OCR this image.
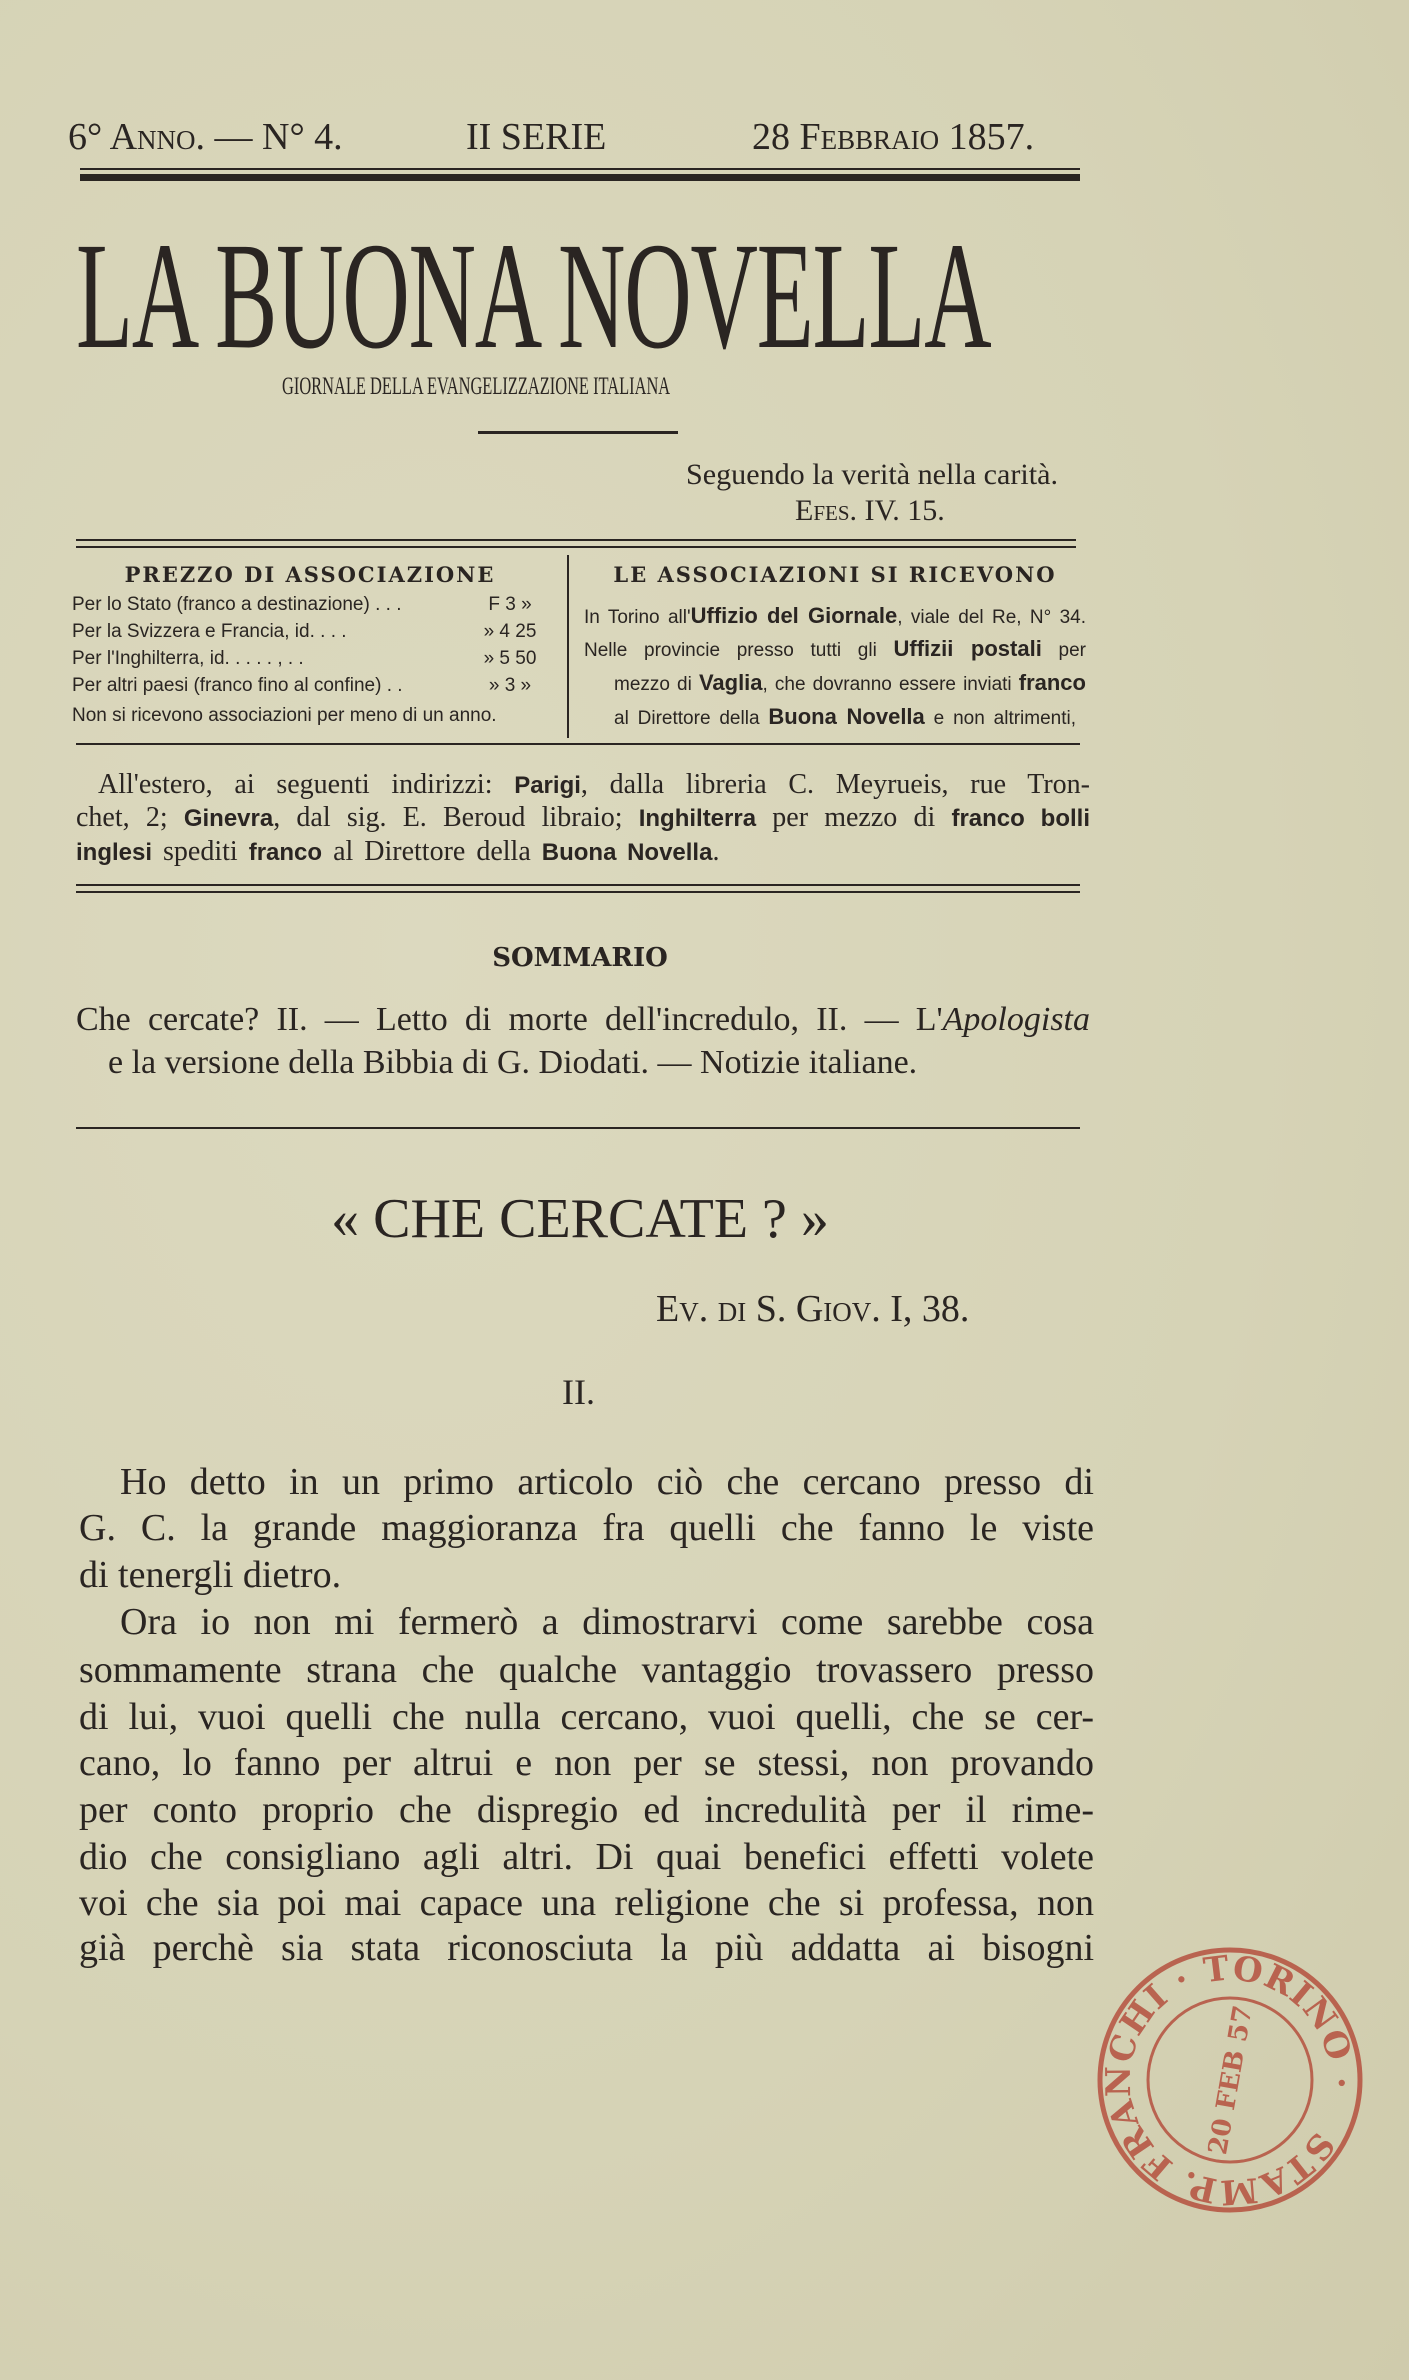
6° Anno. — N° 4.	II SERIE	28 Febbraio 1857.
LA BUONA NOVELLA
GIORNALE DELLA EVANGELIZZAZIONE ITALIANA
Seguendo la verità nella carità.
Efes. IV. 15.
PREZZO DI ASSOCIAZIONE
Per lo Stato (franco a destinazione) . . .	F 3 »
Per la Svizzera e Francia, id. . . .	» 4 25
Per l'Inghilterra, id. . . . . , . .	» 5 50
Per altri paesi (franco fino al confine) . .	» 3 »
Non si ricevono associazioni per meno di un anno.
LE ASSOCIAZIONI SI RICEVONO
In Torino all'Uffizio del Giornale, viale del Re, N° 34.
Nelle provincie presso tutti gli Uffizii postali per
mezzo di Vaglia, che dovranno essere inviati franco
al Direttore della Buona Novella e non altrimenti,
All'estero, ai seguenti indirizzi: Parigi, dalla libreria C. Meyrueis, rue Tron-
chet, 2; Ginevra, dal sig. E. Beroud libraio; Inghilterra per mezzo di franco bolli
inglesi spediti franco al Direttore della Buona Novella.
SOMMARIO
Che cercate? II. — Letto di morte dell'incredulo, II. — L'Apologista
e la versione della Bibbia di G. Diodati. — Notizie italiane.
« CHE CERCATE ? »
Ev. di S. Giov. I, 38.
II.
Ho detto in un primo articolo ciò che cercano presso di
G. C. la grande maggioranza fra quelli che fanno le viste
di tenergli dietro.
Ora io non mi fermerò a dimostrarvi come sarebbe cosa
sommamente strana che qualche vantaggio trovassero presso
di lui, vuoi quelli che nulla cercano, vuoi quelli, che se cer-
cano, lo fanno per altrui e non per se stessi, non provando
per conto proprio che dispregio ed incredulità per il rime-
dio che consigliano agli altri. Di quai benefici effetti volete
voi che sia poi mai capace una religione che si professa, non
già perchè sia stata riconosciuta la più addatta ai bisogni
STAMP. FRANCHI · TORINO ·
20 FEB 57
